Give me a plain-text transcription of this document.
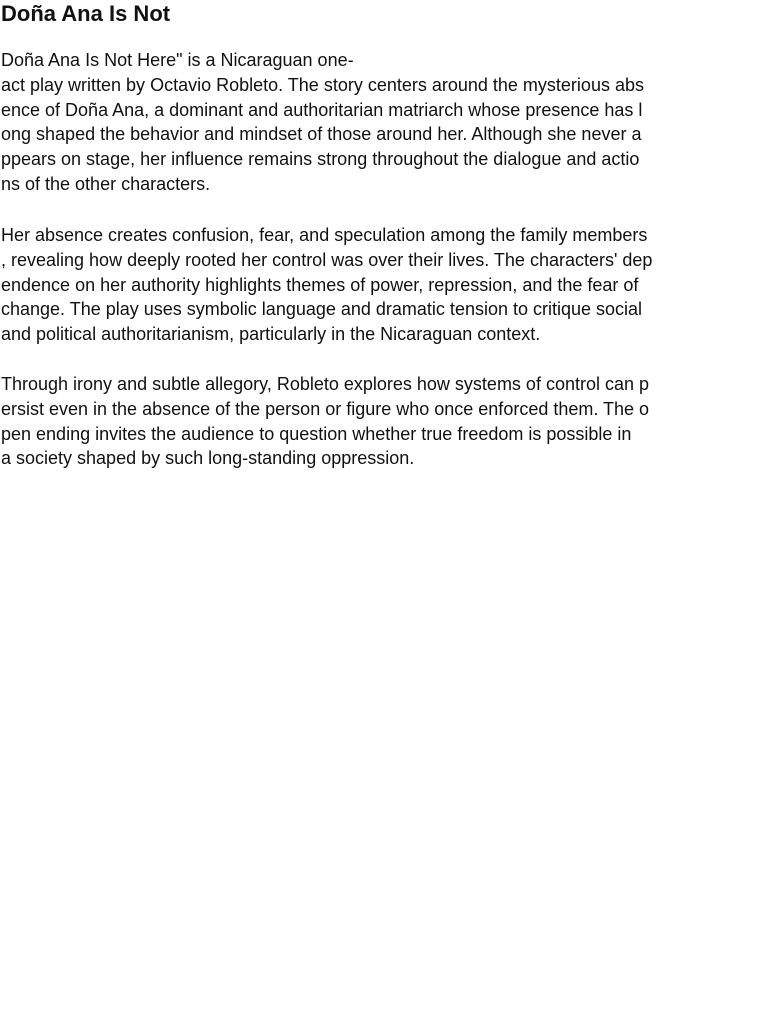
Doña Ana Is Not
Doña Ana Is Not Here" is a Nicaraguan one-
act play written by Octavio Robleto. The story centers around the mysterious abs
ence of Doña Ana, a dominant and authoritarian matriarch whose presence has l
ong shaped the behavior and mindset of those around her. Although she never a
ppears on stage, her influence remains strong throughout the dialogue and actio
ns of the other characters.
Her absence creates confusion, fear, and speculation among the family members
, revealing how deeply rooted her control was over their lives. The characters' dep
endence on her authority highlights themes of power, repression, and the fear of
change. The play uses symbolic language and dramatic tension to critique social
and political authoritarianism, particularly in the Nicaraguan context.
Through irony and subtle allegory, Robleto explores how systems of control can p
ersist even in the absence of the person or figure who once enforced them. The o
pen ending invites the audience to question whether true freedom is possible in
a society shaped by such long-standing oppression.
